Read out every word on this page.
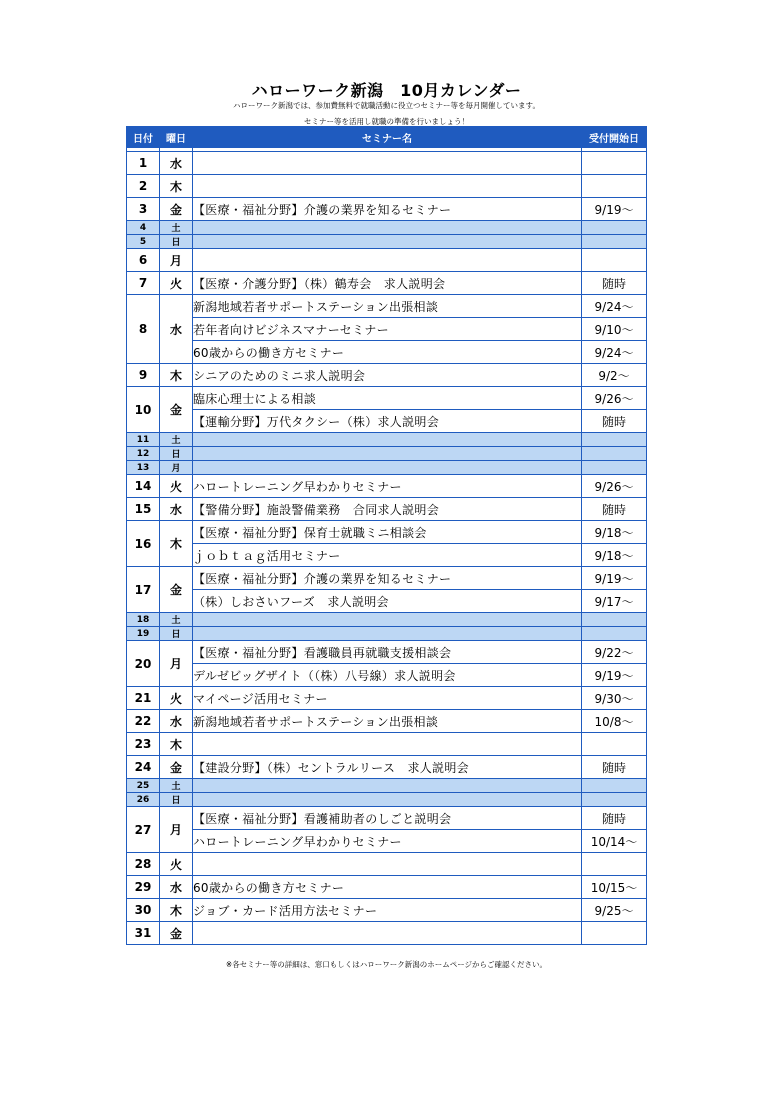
ハローワーク新潟　10月カレンダー
ハローワーク新潟では、参加費無料で就職活動に役立つセミナー等を毎月開催しています。
セミナー等を活用し就職の準備を行いましょう！
日付	曜日	セミナー名	受付開始日

1	水		
2	木		
3	金	【医療・福祉分野】介護の業界を知るセミナー	9/19～
4	土		
5	日		
6	月		
7	火	【医療・介護分野】（株）鶴寿会　求人説明会	随時
8	水	新潟地域若者サポートステーション出張相談	9/24～
		若年者向けビジネスマナーセミナー	9/10～
		60歳からの働き方セミナー	9/24～
9	木	シニアのためのミニ求人説明会	9/2～
10	金	臨床心理士による相談	9/26～
		【運輸分野】万代タクシー（株）求人説明会	随時
11	土		
12	日		
13	月		
14	火	ハロートレーニング早わかりセミナー	9/26～
15	水	【警備分野】施設警備業務　合同求人説明会	随時
16	木	【医療・福祉分野】保育士就職ミニ相談会	9/18～
		ｊｏｂｔａｇ活用セミナー	9/18～
17	金	【医療・福祉分野】介護の業界を知るセミナー	9/19～
		（株）しおさいフーズ　求人説明会	9/17～
18	土		
19	日		
20	月	【医療・福祉分野】看護職員再就職支援相談会	9/22～
		デルゼビッグザイト（（株）八号線）求人説明会	9/19～
21	火	マイページ活用セミナー	9/30～
22	水	新潟地域若者サポートステーション出張相談	10/8～
23	木		
24	金	【建設分野】（株）セントラルリース　求人説明会	随時
25	土		
26	日		
27	月	【医療・福祉分野】看護補助者のしごと説明会	随時
		ハロートレーニング早わかりセミナー	10/14～
28	火		
29	水	60歳からの働き方セミナー	10/15～
30	木	ジョブ・カード活用方法セミナー	9/25～
31	金		
※各セミナー等の詳細は、窓口もしくはハローワーク新潟のホームページからご確認ください。
